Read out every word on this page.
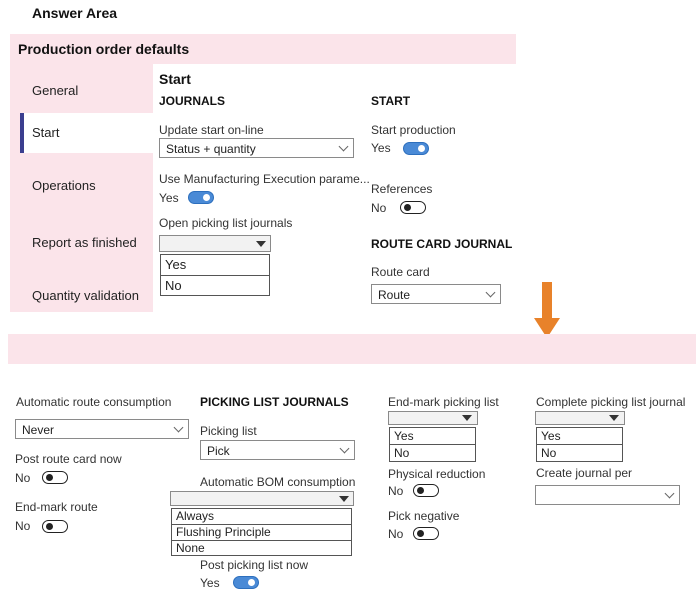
Answer Area
Production order defaults
General
Start
Operations
Report as finished
Quantity validation
Start
JOURNALS
Update start on-line
Status + quantity
Use Manufacturing Execution parame...
Yes
Open picking list journals
Yes
No
START
Start production
Yes
References
No
ROUTE CARD JOURNAL
Route card
Route
Automatic route consumption
Never
Post route card now
No
End-mark route
No
PICKING LIST JOURNALS
Picking list
Pick
Automatic BOM consumption
Always
Flushing Principle
None
Post picking list now
Yes
End-mark picking list
Yes
No
Physical reduction
No
Pick negative
No
Complete picking list journal
Yes
No
Create journal per
